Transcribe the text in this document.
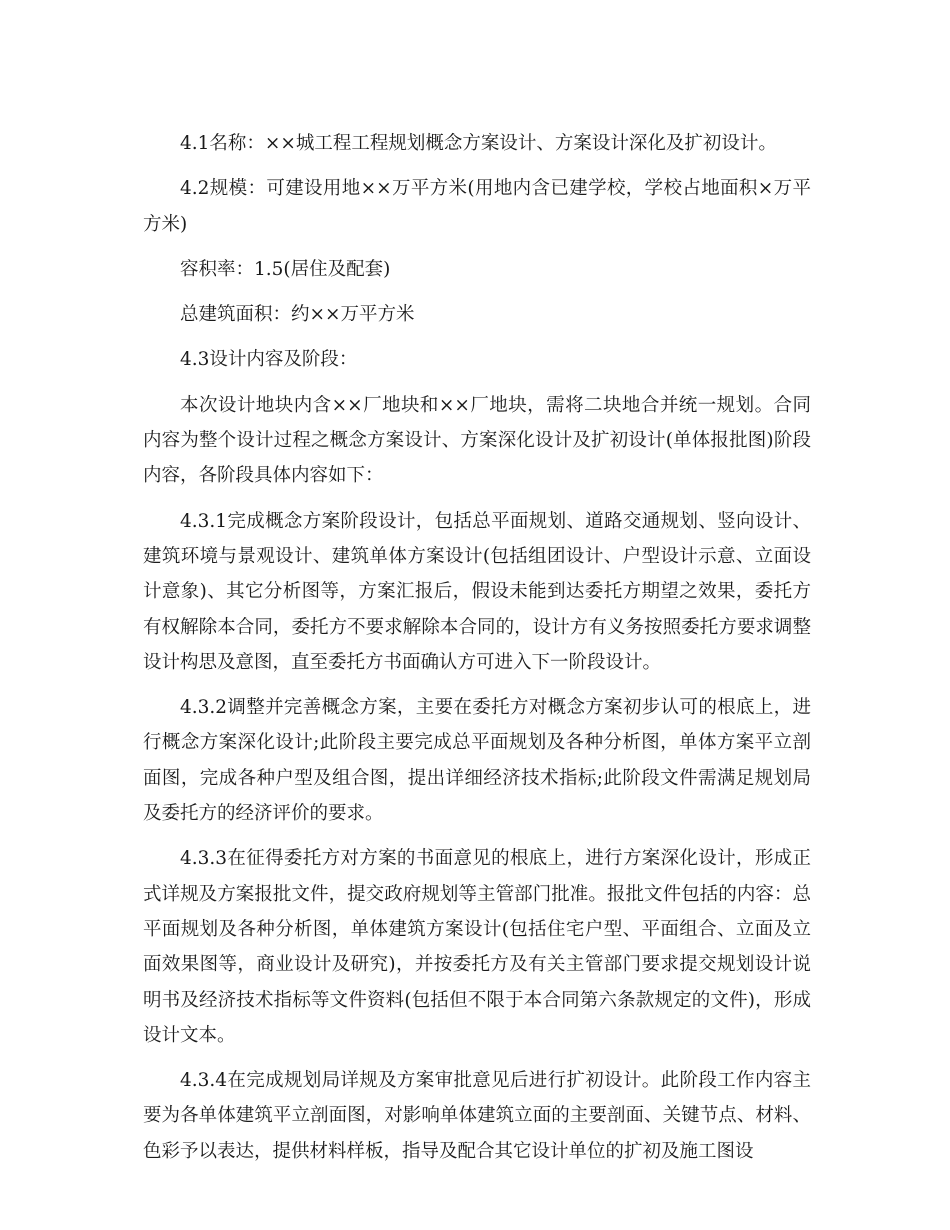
4.1名称：××城工程工程规划概念方案设计、方案设计深化及扩初设计。

4.2规模：可建设用地××万平方米(用地内含已建学校，学校占地面积×万平方米)

容积率：1.5(居住及配套)

总建筑面积：约××万平方米

4.3设计内容及阶段：

本次设计地块内含××厂地块和××厂地块，需将二块地合并统一规划。合同内容为整个设计过程之概念方案设计、方案深化设计及扩初设计(单体报批图)阶段内容，各阶段具体内容如下：

4.3.1完成概念方案阶段设计，包括总平面规划、道路交通规划、竖向设计、建筑环境与景观设计、建筑单体方案设计(包括组团设计、户型设计示意、立面设计意象)、其它分析图等，方案汇报后，假设未能到达委托方期望之效果，委托方有权解除本合同，委托方不要求解除本合同的，设计方有义务按照委托方要求调整设计构思及意图，直至委托方书面确认方可进入下一阶段设计。

4.3.2调整并完善概念方案，主要在委托方对概念方案初步认可的根底上，进行概念方案深化设计;此阶段主要完成总平面规划及各种分析图，单体方案平立剖面图，完成各种户型及组合图，提出详细经济技术指标;此阶段文件需满足规划局及委托方的经济评价的要求。

4.3.3在征得委托方对方案的书面意见的根底上，进行方案深化设计，形成正式详规及方案报批文件，提交政府规划等主管部门批准。报批文件包括的内容：总平面规划及各种分析图，单体建筑方案设计(包括住宅户型、平面组合、立面及立面效果图等，商业设计及研究)，并按委托方及有关主管部门要求提交规划设计说明书及经济技术指标等文件资料(包括但不限于本合同第六条款规定的文件)，形成设计文本。

4.3.4在完成规划局详规及方案审批意见后进行扩初设计。此阶段工作内容主要为各单体建筑平立剖面图，对影响单体建筑立面的主要剖面、关键节点、材料、色彩予以表达，提供材料样板，指导及配合其它设计单位的扩初及施工图设
